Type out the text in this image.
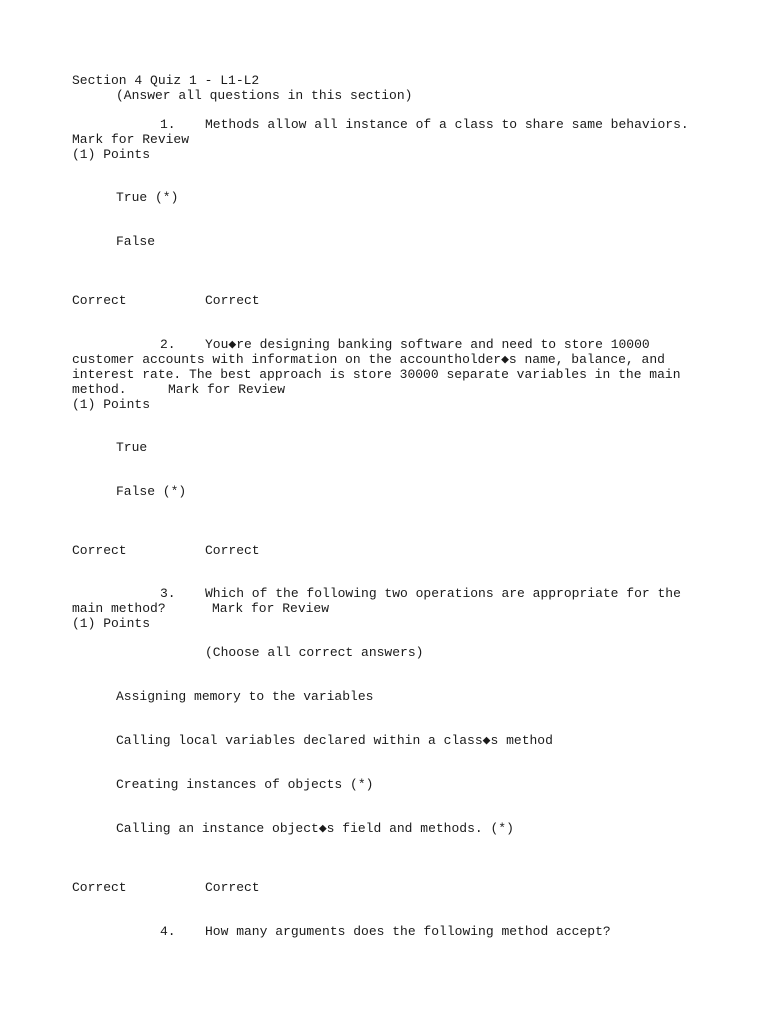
Section 4 Quiz 1 - L1-L2
(Answer all questions in this section)
1. Methods allow all instance of a class to share same behaviors.
Mark for Review
(1) Points
True (*)
False
Correct	Correct
2. You◆re designing banking software and need to store 10000
customer accounts with information on the accountholder◆s name, balance, and
interest rate. The best approach is store 30000 separate variables in the main
method.	Mark for Review
(1) Points
True
False (*)
Correct	Correct
3. Which of the following two operations are appropriate for the
main method?	Mark for Review
(1) Points
(Choose all correct answers)
Assigning memory to the variables
Calling local variables declared within a class◆s method
Creating instances of objects (*)
Calling an instance object◆s field and methods. (*)
Correct	Correct
4. How many arguments does the following method accept?
